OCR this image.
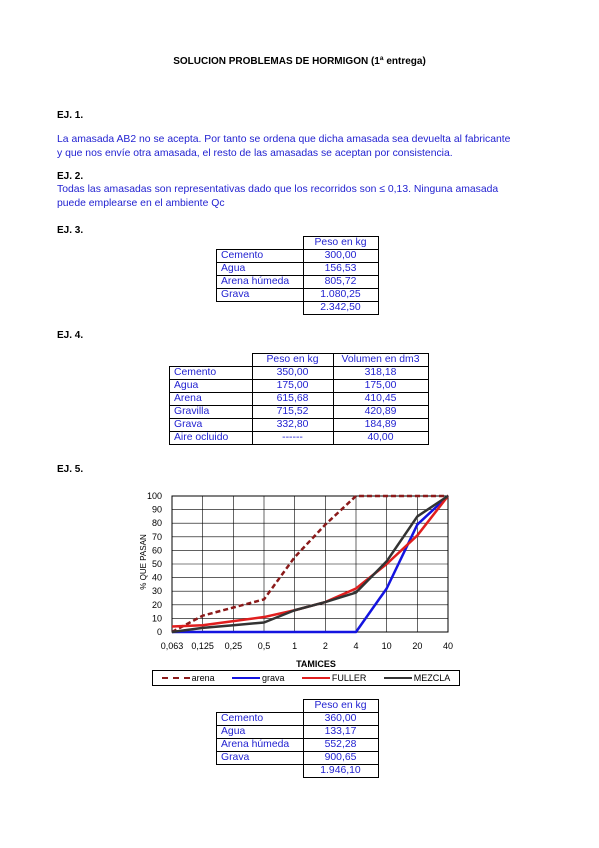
SOLUCION PROBLEMAS DE HORMIGON (1ª entrega)
EJ. 1.
La amasada AB2 no se acepta. Por tanto se ordena que dicha amasada sea devuelta al fabricante
y que nos envíe otra amasada, el resto de las amasadas se aceptan por consistencia.
EJ. 2.
Todas las amasadas son representativas dado que los recorridos son ≤ 0,13. Ninguna amasada
puede emplearse en el ambiente Qc
EJ. 3.
	Peso en kg
Cemento	300,00
Agua	156,53
Arena húmeda	805,72
Grava	1.080,25
	2.342,50
EJ. 4.
	Peso en kg	Volumen en dm3
Cemento	350,00	318,18
Agua	175,00	175,00
Arena	615,68	410,45
Gravilla	715,52	420,89
Grava	332,80	184,89
Aire ocluido	------	40,00
EJ. 5.
0
10
20
30
40
50
60
70
80
90
100
0,063 0,125 0,25 0,5 1	2	4	10 20 40
% QUE PASAN
TAMICES
arena	grava	FULLER	MEZCLA
	Peso en kg
Cemento	360,00
Agua	133,17
Arena húmeda	552,28
Grava	900,65
	1.946,10
